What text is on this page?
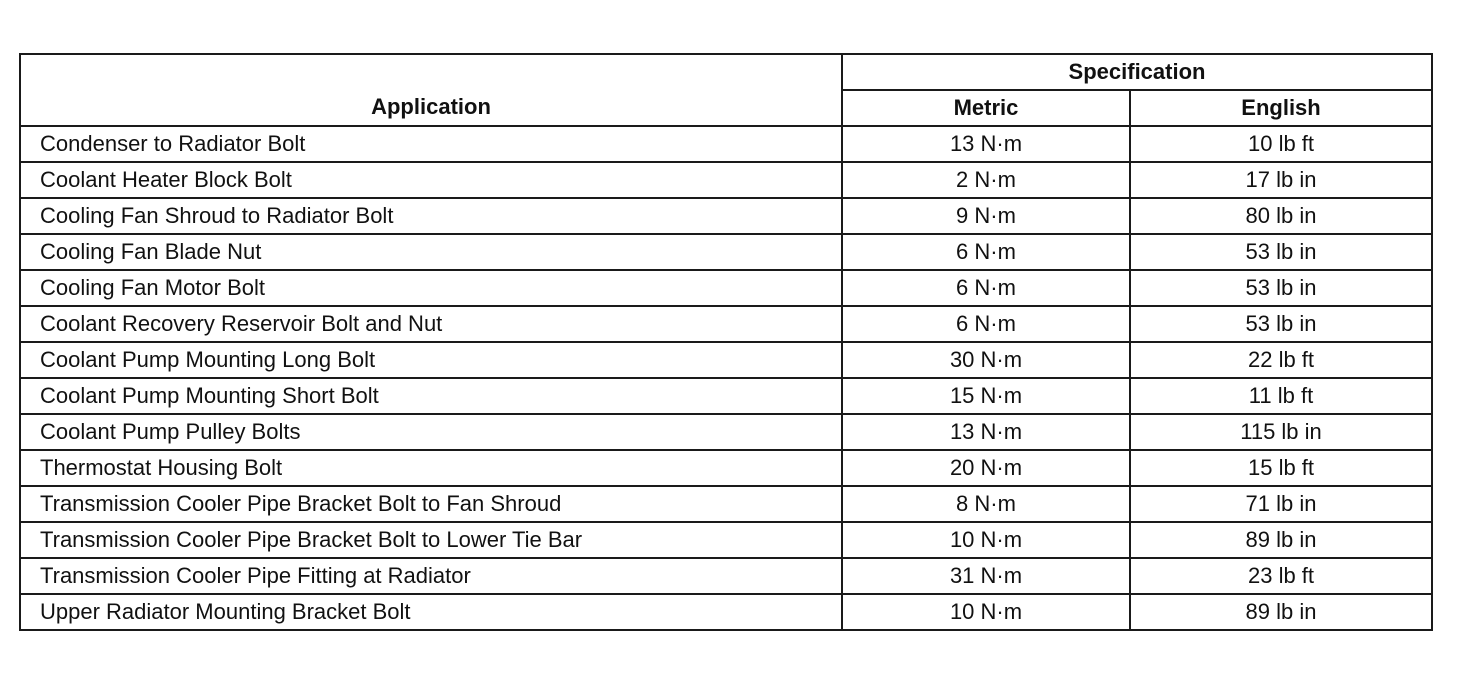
Application	Specification	
	Metric	English
Condenser to Radiator Bolt	13 N·m	10 lb ft
Coolant Heater Block Bolt	2 N·m	17 lb in
Cooling Fan Shroud to Radiator Bolt	9 N·m	80 lb in
Cooling Fan Blade Nut	6 N·m	53 lb in
Cooling Fan Motor Bolt	6 N·m	53 lb in
Coolant Recovery Reservoir Bolt and Nut	6 N·m	53 lb in
Coolant Pump Mounting Long Bolt	30 N·m	22 lb ft
Coolant Pump Mounting Short Bolt	15 N·m	11 lb ft
Coolant Pump Pulley Bolts	13 N·m	115 lb in
Thermostat Housing Bolt	20 N·m	15 lb ft
Transmission Cooler Pipe Bracket Bolt to Fan Shroud	8 N·m	71 lb in
Transmission Cooler Pipe Bracket Bolt to Lower Tie Bar	10 N·m	89 lb in
Transmission Cooler Pipe Fitting at Radiator	31 N·m	23 lb ft
Upper Radiator Mounting Bracket Bolt	10 N·m	89 lb in
